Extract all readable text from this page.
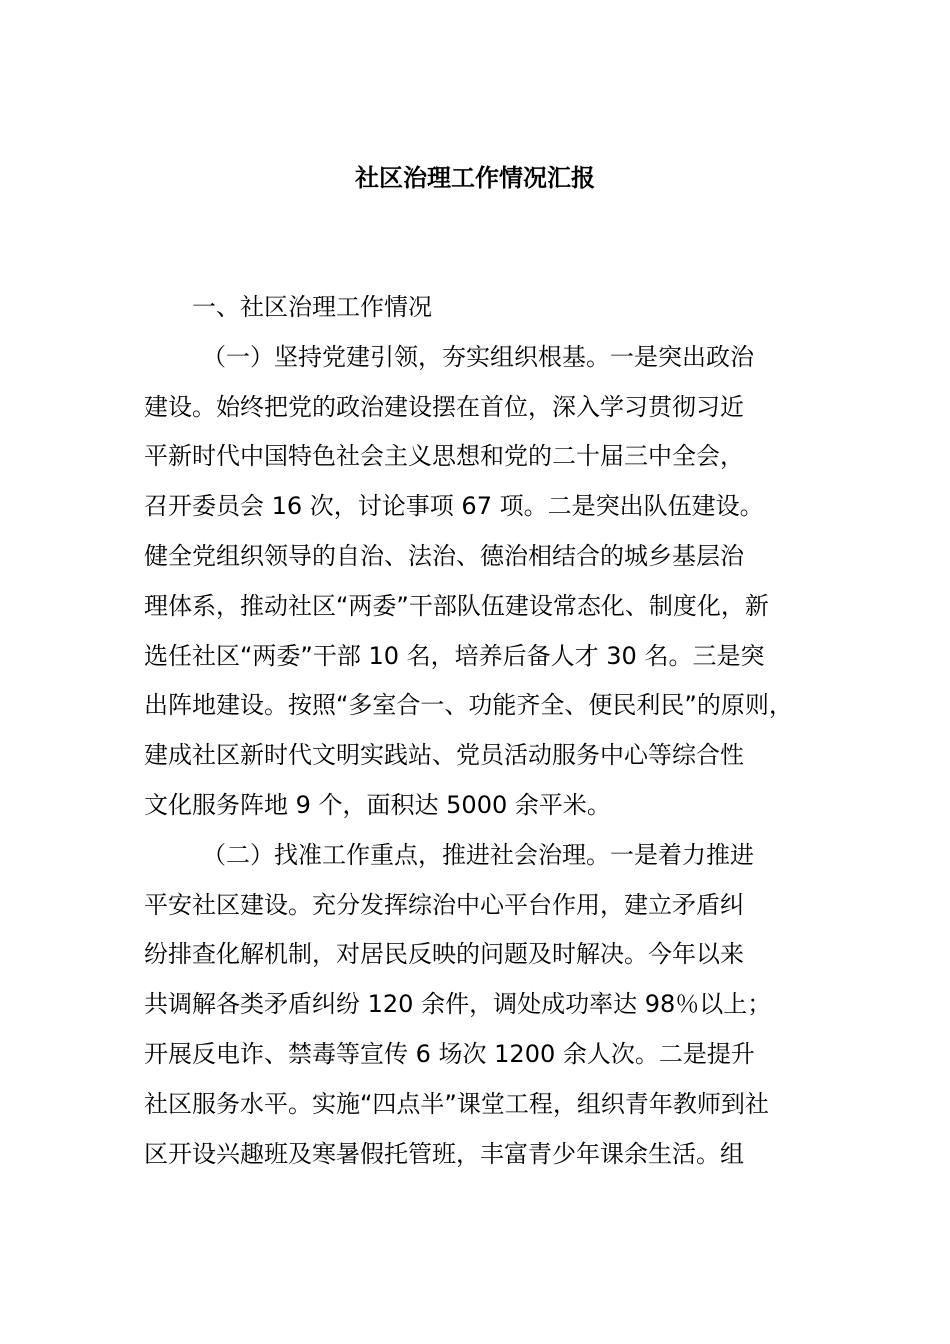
社区治理工作情况汇报

一、社区治理工作情况

（一）坚持党建引领，夯实组织根基。一是突出政治
建设。始终把党的政治建设摆在首位，深入学习贯彻习近
平新时代中国特色社会主义思想和党的二十届三中全会，
召开委员会 16 次，讨论事项 67 项。二是突出队伍建设。
健全党组织领导的自治、法治、德治相结合的城乡基层治
理体系，推动社区“两委”干部队伍建设常态化、制度化，新
选任社区“两委”干部 10 名，培养后备人才 30 名。三是突
出阵地建设。按照“多室合一、功能齐全、便民利民”的原则，
建成社区新时代文明实践站、党员活动服务中心等综合性
文化服务阵地 9 个，面积达 5000 余平米。

（二）找准工作重点，推进社会治理。一是着力推进
平安社区建设。充分发挥综治中心平台作用，建立矛盾纠
纷排查化解机制，对居民反映的问题及时解决。今年以来
共调解各类矛盾纠纷 120 余件，调处成功率达 98％以上；
开展反电诈、禁毒等宣传 6 场次 1200 余人次。二是提升
社区服务水平。实施“四点半”课堂工程，组织青年教师到社
区开设兴趣班及寒暑假托管班，丰富青少年课余生活。组
